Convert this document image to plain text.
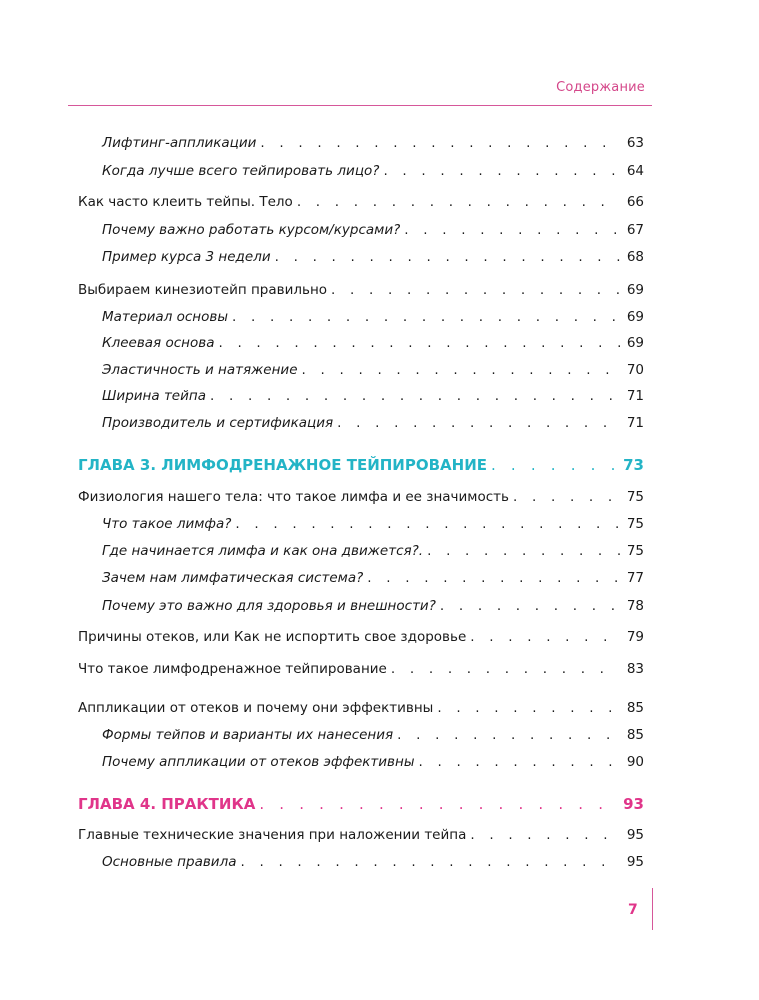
Содержание
Лифтинг-аппликации . . .	63
Когда лучше всего тейпировать лицо? . . .	64
Как часто клеить тейпы. Тело . . .	66
Почему важно работать курсом/курсами? . . .	67
Пример курса 3 недели . . .	68
Выбираем кинезиотейп правильно . . .	69
Материал основы . . .	69
Клеевая основа . . .	69
Эластичность и натяжение . . .	70
Ширина тейпа . . .	71
Производитель и сертификация . . .	71
ГЛАВА 3. ЛИМФОДРЕНАЖНОЕ ТЕЙПИРОВАНИЕ . . .	73
Физиология нашего тела: что такое лимфа и ее значимость . . .	75
Что такое лимфа? . . .	75
Где начинается лимфа и как она движется?. . . .	75
Зачем нам лимфатическая система? . . .	77
Почему это важно для здоровья и внешности? . . .	78
Причины отеков, или Как не испортить свое здоровье . . .	79
Что такое лимфодренажное тейпирование . . .	83
Аппликации от отеков и почему они эффективны . . .	85
Формы тейпов и варианты их нанесения . . .	85
Почему аппликации от отеков эффективны . . .	90
ГЛАВА 4. ПРАКТИКА . . .	93
Главные технические значения при наложении тейпа . . .	95
Основные правила . . .	95
7
